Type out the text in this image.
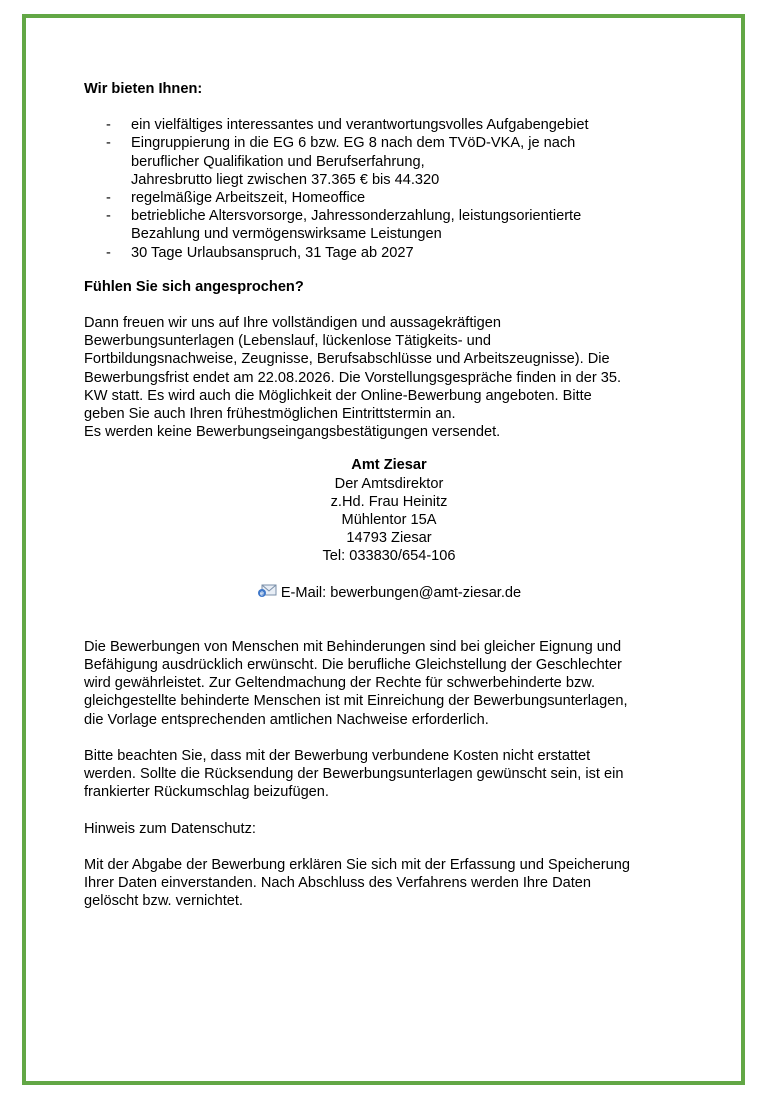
Wir bieten Ihnen:

- ein vielfältiges interessantes und verantwortungsvolles Aufgabengebiet
- Eingruppierung in die EG 6 bzw. EG 8 nach dem TVöD-VKA, je nach
beruflicher Qualifikation und Berufserfahrung,
Jahresbrutto liegt zwischen 37.365 € bis 44.320
- regelmäßige Arbeitszeit, Homeoffice
- betriebliche Altersvorsorge, Jahressonderzahlung, leistungsorientierte
Bezahlung und vermögenswirksame Leistungen
- 30 Tage Urlaubsanspruch, 31 Tage ab 2027

Fühlen Sie sich angesprochen?

Dann freuen wir uns auf Ihre vollständigen und aussagekräftigen
Bewerbungsunterlagen (Lebenslauf, lückenlose Tätigkeits- und
Fortbildungsnachweise, Zeugnisse, Berufsabschlüsse und Arbeitszeugnisse). Die
Bewerbungsfrist endet am 22.08.2026. Die Vorstellungsgespräche finden in der 35.
KW statt. Es wird auch die Möglichkeit der Online-Bewerbung angeboten. Bitte
geben Sie auch Ihren frühestmöglichen Eintrittstermin an.
Es werden keine Bewerbungseingangsbestätigungen versendet.
Amt Ziesar
Der Amtsdirektor
z.Hd. Frau Heinitz
Mühlentor 15A
14793 Ziesar
Tel: 033830/654-106
e E-Mail: bewerbungen@amt-ziesar.de
Die Bewerbungen von Menschen mit Behinderungen sind bei gleicher Eignung und
Befähigung ausdrücklich erwünscht. Die berufliche Gleichstellung der Geschlechter
wird gewährleistet. Zur Geltendmachung der Rechte für schwerbehinderte bzw.
gleichgestellte behinderte Menschen ist mit Einreichung der Bewerbungsunterlagen,
die Vorlage entsprechenden amtlichen Nachweise erforderlich.
Bitte beachten Sie, dass mit der Bewerbung verbundene Kosten nicht erstattet
werden. Sollte die Rücksendung der Bewerbungsunterlagen gewünscht sein, ist ein
frankierter Rückumschlag beizufügen.
Hinweis zum Datenschutz:
Mit der Abgabe der Bewerbung erklären Sie sich mit der Erfassung und Speicherung
Ihrer Daten einverstanden. Nach Abschluss des Verfahrens werden Ihre Daten
gelöscht bzw. vernichtet.
